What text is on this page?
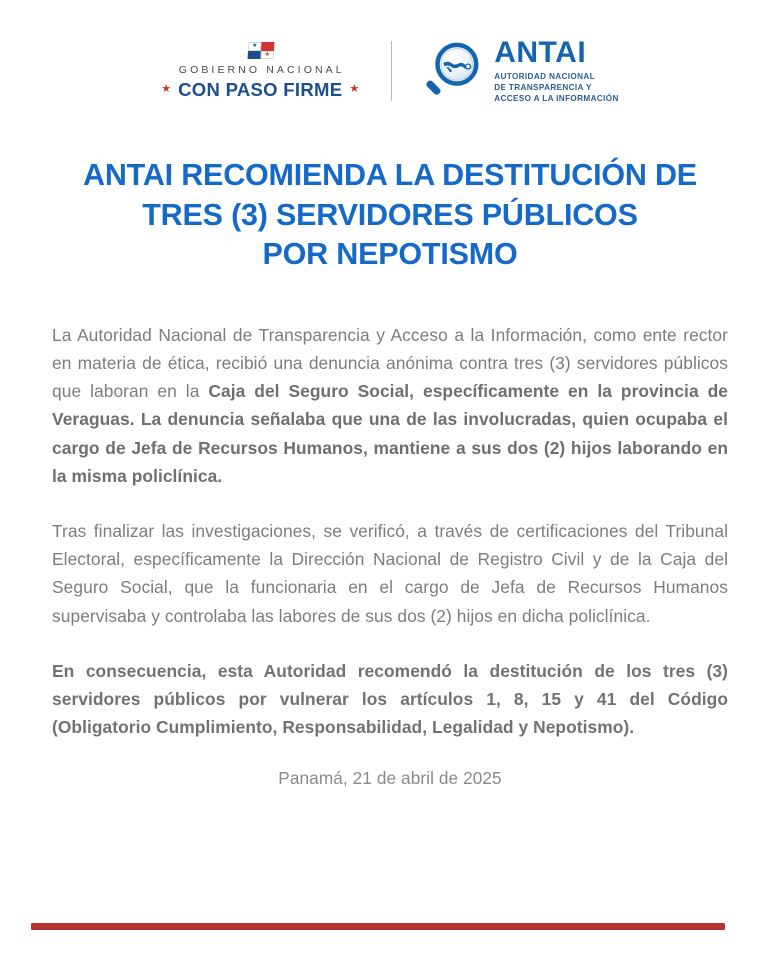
★
★
GOBIERNO NACIONAL
★ CON PASO FIRME ★
ANTAI
AUTORIDAD NACIONAL
DE TRANSPARENCIA Y
ACCESO A LA INFORMACIÓN
ANTAI RECOMIENDA LA DESTITUCIÓN DE
TRES (3) SERVIDORES PÚBLICOS
POR NEPOTISMO

La Autoridad Nacional de Transparencia y Acceso a la Información, como ente rector en materia de ética, recibió una denuncia anónima contra tres (3) servidores públicos que laboran en la Caja del Seguro Social, específicamente en la provincia de Veraguas. La denuncia señalaba que una de las involucradas, quien ocupaba el cargo de Jefa de Recursos Humanos, mantiene a sus dos (2) hijos laborando en la misma policlínica.

Tras finalizar las investigaciones, se verificó, a través de certificaciones del Tribunal Electoral, específicamente la Dirección Nacional de Registro Civil y de la Caja del Seguro Social, que la funcionaria en el cargo de Jefa de Recursos Humanos supervisaba y controlaba las labores de sus dos (2) hijos en dicha policlínica.

En consecuencia, esta Autoridad recomendó la destitución de los tres (3) servidores públicos por vulnerar los artículos 1, 8, 15 y 41 del Código (Obligatorio Cumplimiento, Responsabilidad, Legalidad y Nepotismo).

Panamá, 21 de abril de 2025
